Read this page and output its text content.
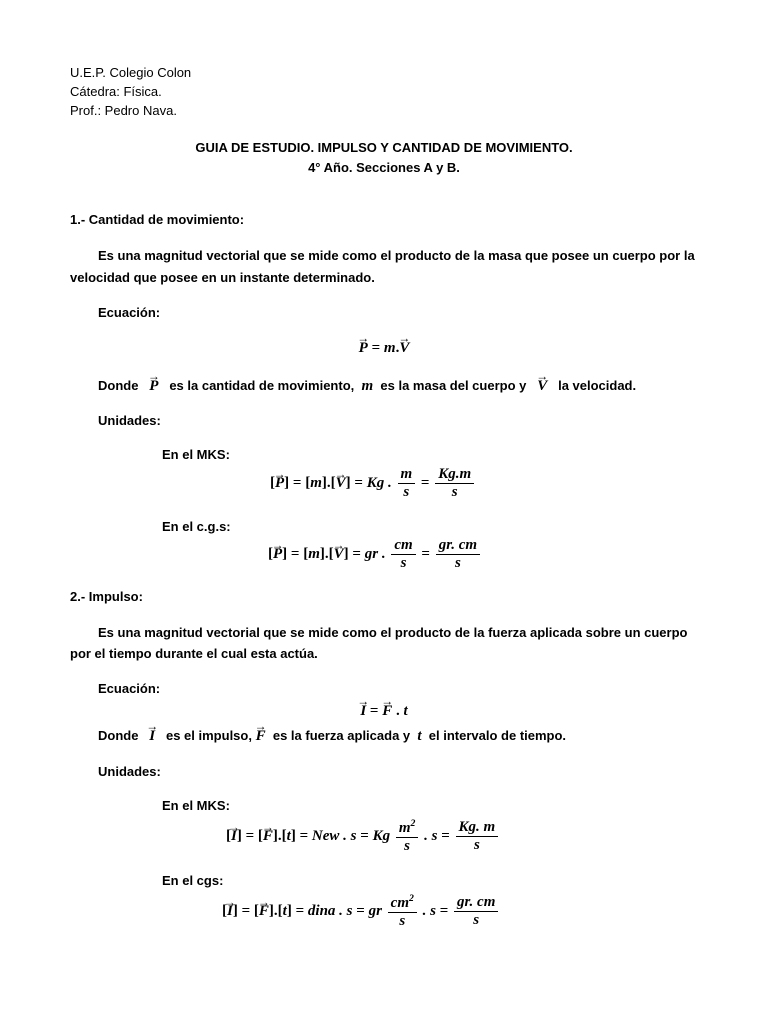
U.E.P. Colegio Colon
Cátedra: Física.
Prof.: Pedro Nava.
GUIA DE ESTUDIO. IMPULSO Y CANTIDAD DE MOVIMIENTO.
4° Año. Secciones A y B.
1.- Cantidad de movimiento:
Es una magnitud vectorial que se mide como el producto de la masa que posee un cuerpo por la
velocidad que posee en un instante determinado.
Ecuación:
→ P = m.→ V
Donde → P es la cantidad de movimiento, m es la masa del cuerpo y → V la velocidad.
Unidades:
En el MKS:
[→ P] = [m].[→ V] = Kg . $\frac{m}{s} = \frac{Kg.m}{s}$
En el c.g.s:
[→ P] = [m].[→ V] = gr . $\frac{cm}{s} = \frac{gr. cm}{s}$
2.- Impulso:
Es una magnitud vectorial que se mide como el producto de la fuerza aplicada sobre un cuerpo
por el tiempo durante el cual esta actúa.
Ecuación:
→ I = → F . t
Donde → I es el impulso, → F es la fuerza aplicada y t el intervalo de tiempo.
Unidades:
En el MKS:
[→ I] = [→ F].[t] = New . s = Kg $\frac{m^2}{s}$ . $s = \frac{Kg. m}{s}$
En el cgs:
[→ I] = [→ F].[t] = dina . s = gr $\frac{cm^2}{s}$ . $s = \frac{gr. cm}{s}$
